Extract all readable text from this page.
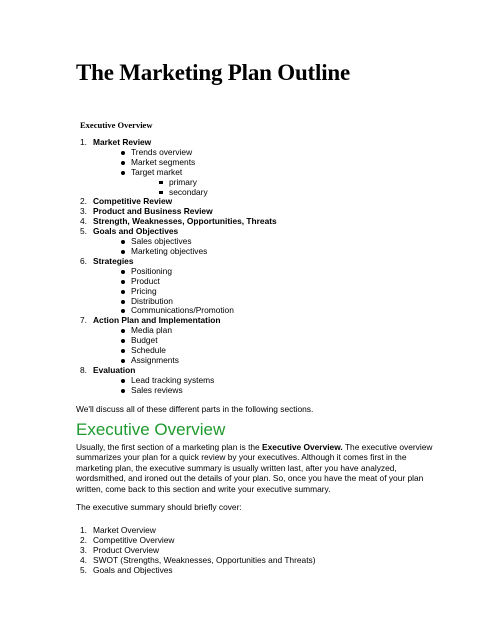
The Marketing Plan Outline
Executive Overview
1. Market Review
Trends overview
Market segments
Target market
primary
secondary
2. Competitive Review
3. Product and Business Review
4. Strength, Weaknesses, Opportunities, Threats
5. Goals and Objectives
Sales objectives
Marketing objectives
6. Strategies
Positioning
Product
Pricing
Distribution
Communications/Promotion
7. Action Plan and Implementation
Media plan
Budget
Schedule
Assignments
8. Evaluation
Lead tracking systems
Sales reviews
We'll discuss all of these different parts in the following sections.
Executive Overview
Usually, the first section of a marketing plan is the Executive Overview. The executive overview summarizes your plan for a quick review by your executives. Although it comes first in the marketing plan, the executive summary is usually written last, after you have analyzed, wordsmithed, and ironed out the details of your plan. So, once you have the meat of your plan written, come back to this section and write your executive summary.
The executive summary should briefly cover:
1. Market Overview
2. Competitive Overview
3. Product Overview
4. SWOT (Strengths, Weaknesses, Opportunities and Threats)
5. Goals and Objectives
